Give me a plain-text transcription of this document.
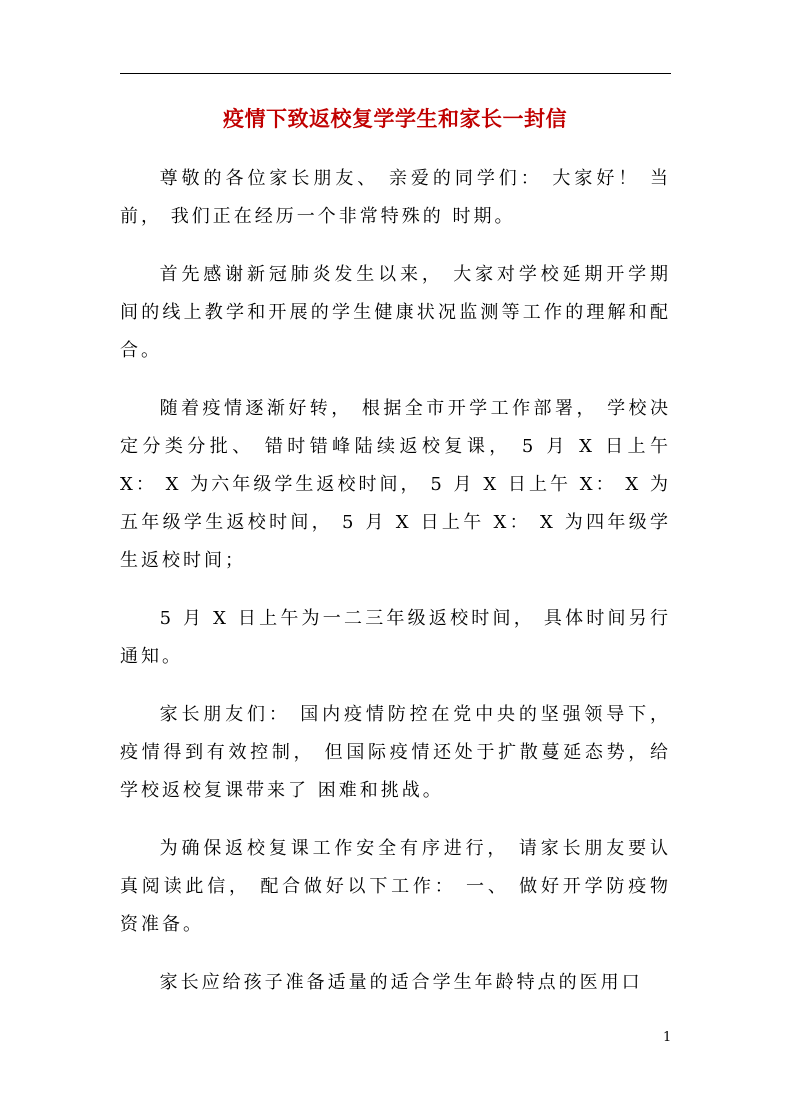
疫情下致返校复学学生和家长一封信

尊敬的各位家长朋友、 亲爱的同学们： 大家好！ 当前， 我们正在经历一个非常特殊的 时期。

首先感谢新冠肺炎发生以来， 大家对学校延期开学期间的线上教学和开展的学生健康状况监测等工作的理解和配合。

随着疫情逐渐好转， 根据全市开学工作部署， 学校决定分类分批、 错时错峰陆续返校复课， 5 月 X 日上午 X： X 为六年级学生返校时间， 5 月 X 日上午 X： X 为五年级学生返校时间， 5 月 X 日上午 X： X 为四年级学生返校时间；

5 月 X 日上午为一二三年级返校时间， 具体时间另行通知。

家长朋友们： 国内疫情防控在党中央的坚强领导下，疫情得到有效控制， 但国际疫情还处于扩散蔓延态势，给学校返校复课带来了 困难和挑战。

为确保返校复课工作安全有序进行， 请家长朋友要认真阅读此信， 配合做好以下工作： 一、 做好开学防疫物资准备。

家长应给孩子准备适量的适合学生年龄特点的医用口

1
